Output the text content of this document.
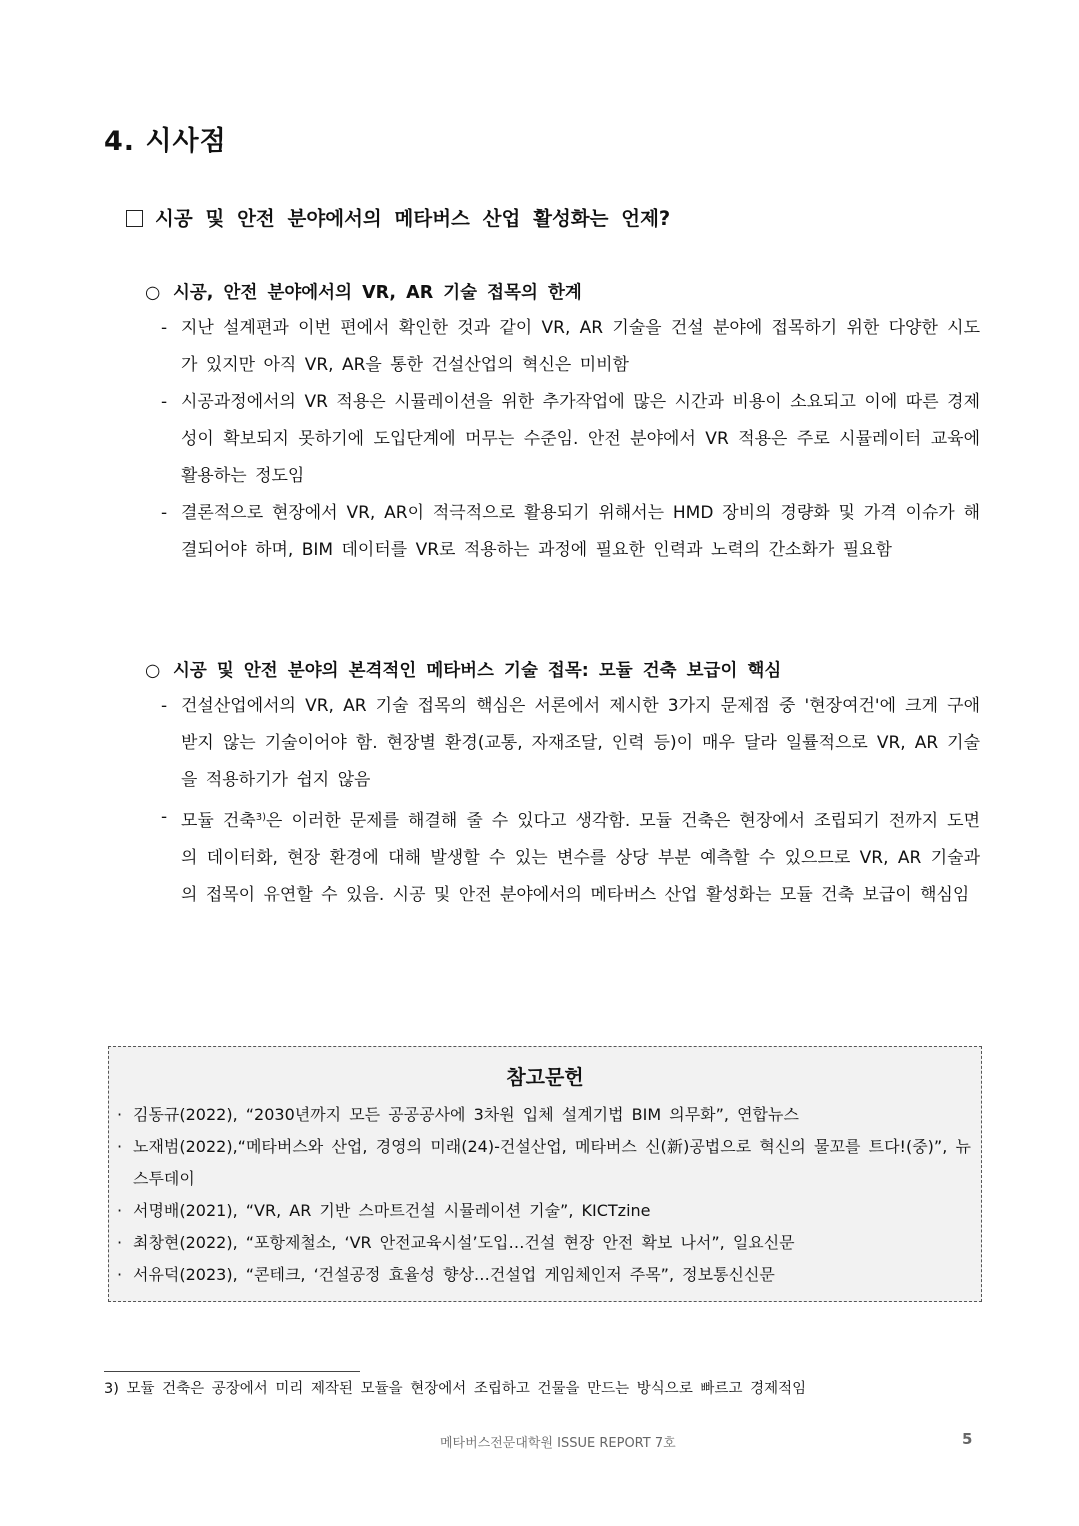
4. 시사점
시공 및 안전 분야에서의 메타버스 산업 활성화는 언제?
○ 시공, 안전 분야에서의 VR, AR 기술 접목의 한계
- 지난 설계편과 이번 편에서 확인한 것과 같이 VR, AR 기술을 건설 분야에 접목하기 위한 다양한 시도가 있지만 아직 VR, AR을 통한 건설산업의 혁신은 미비함
- 시공과정에서의 VR 적용은 시뮬레이션을 위한 추가작업에 많은 시간과 비용이 소요되고 이에 따른 경제성이 확보되지 못하기에 도입단계에 머무는 수준임. 안전 분야에서 VR 적용은 주로 시뮬레이터 교육에 활용하는 정도임
- 결론적으로 현장에서 VR, AR이 적극적으로 활용되기 위해서는 HMD 장비의 경량화 및 가격 이슈가 해결되어야 하며, BIM 데이터를 VR로 적용하는 과정에 필요한 인력과 노력의 간소화가 필요함
○ 시공 및 안전 분야의 본격적인 메타버스 기술 접목: 모듈 건축 보급이 핵심
- 건설산업에서의 VR, AR 기술 접목의 핵심은 서론에서 제시한 3가지 문제점 중 '현장여건'에 크게 구애받지 않는 기술이어야 함. 현장별 환경(교통, 자재조달, 인력 등)이 매우 달라 일률적으로 VR, AR 기술을 적용하기가 쉽지 않음
- 모듈 건축$^{3)}$은 이러한 문제를 해결해 줄 수 있다고 생각함. 모듈 건축은 현장에서 조립되기 전까지 도면의 데이터화, 현장 환경에 대해 발생할 수 있는 변수를 상당 부분 예측할 수 있으므로 VR, AR 기술과의 접목이 유연할 수 있음. 시공 및 안전 분야에서의 메타버스 산업 활성화는 모듈 건축 보급이 핵심임
참고문헌
· 김동규(2022), “2030년까지 모든 공공공사에 3차원 입체 설계기법 BIM 의무화”, 연합뉴스
· 노재범(2022),“메타버스와 산업, 경영의 미래(24)-건설산업, 메타버스 신(新)공법으로 혁신의 물꼬를 트다!(중)”, 뉴스투데이
· 서명배(2021), “VR, AR 기반 스마트건설 시뮬레이션 기술”, KICTzine
· 최창현(2022), “포항제철소, ‘VR 안전교육시설’도입…건설 현장 안전 확보 나서”, 일요신문
· 서유덕(2023), “콘테크, ‘건설공정 효율성 향상…건설업 게임체인저 주목”, 정보통신신문
3) 모듈 건축은 공장에서 미리 제작된 모듈을 현장에서 조립하고 건물을 만드는 방식으로 빠르고 경제적임
메타버스전문대학원 ISSUE REPORT 7호	5
